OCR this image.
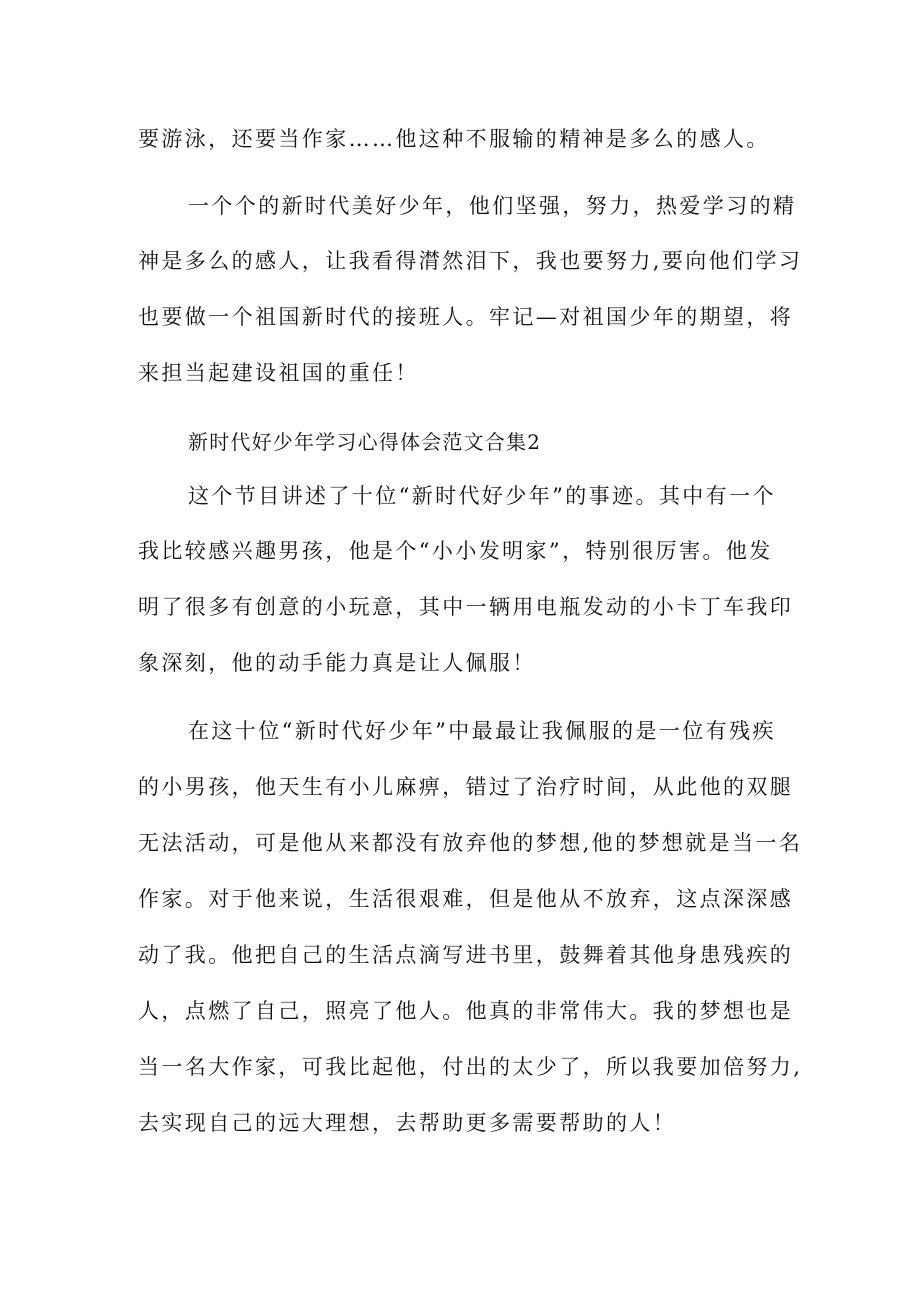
要游泳，还要当作家……他这种不服输的精神是多么的感人。

一个个的新时代美好少年，他们坚强，努力，热爱学习的精

神是多么的感人，让我看得潸然泪下，我也要努力,要向他们学习

也要做一个祖国新时代的接班人。牢记—对祖国少年的期望，将

来担当起建设祖国的重任！

新时代好少年学习心得体会范文合集2

这个节目讲述了十位“新时代好少年”的事迹。其中有一个

我比较感兴趣男孩，他是个“小小发明家”，特别很厉害。他发

明了很多有创意的小玩意，其中一辆用电瓶发动的小卡丁车我印

象深刻，他的动手能力真是让人佩服！

在这十位“新时代好少年”中最最让我佩服的是一位有残疾

的小男孩，他天生有小儿麻痹，错过了治疗时间，从此他的双腿

无法活动，可是他从来都没有放弃他的梦想,他的梦想就是当一名

作家。对于他来说，生活很艰难，但是他从不放弃，这点深深感

动了我。他把自己的生活点滴写进书里，鼓舞着其他身患残疾的

人，点燃了自己，照亮了他人。他真的非常伟大。我的梦想也是

当一名大作家，可我比起他，付出的太少了，所以我要加倍努力,

去实现自己的远大理想，去帮助更多需要帮助的人！
